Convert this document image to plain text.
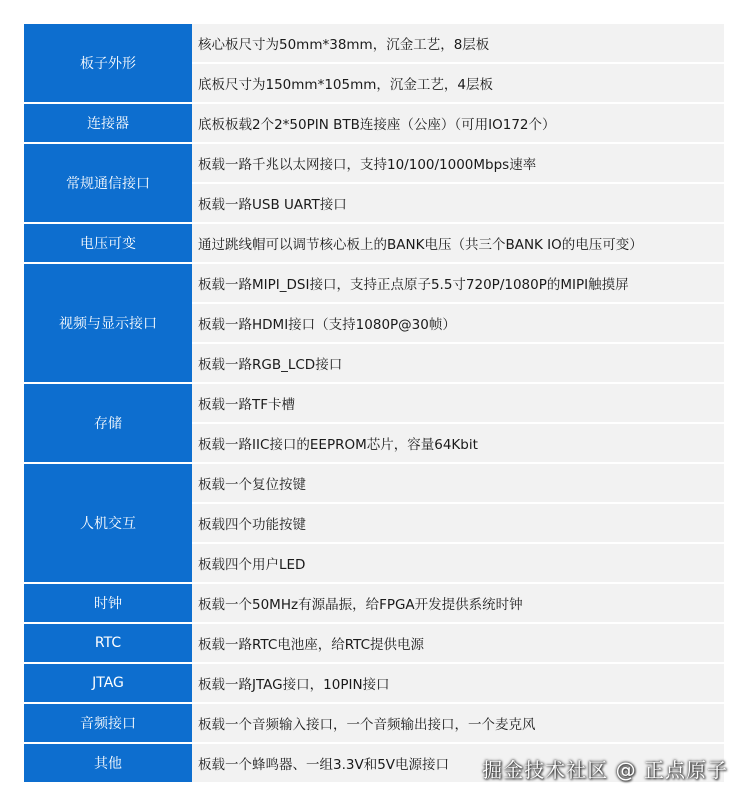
板子外形	核心板尺寸为50mm*38mm，沉金工艺，8层板
	底板尺寸为150mm*105mm，沉金工艺，4层板
连接器	底板板载2个2*50PIN BTB连接座（公座）（可用IO172个）
常规通信接口	板载一路千兆以太网接口，支持10/100/1000Mbps速率
	板载一路USB UART接口
电压可变	通过跳线帽可以调节核心板上的BANK电压（共三个BANK IO的电压可变）
视频与显示接口	板载一路MIPI_DSI接口，支持正点原子5.5寸720P/1080P的MIPI触摸屏
	板载一路HDMI接口（支持1080P@30帧）
	板载一路RGB_LCD接口
存储	板载一路TF卡槽
	板载一路IIC接口的EEPROM芯片，容量64Kbit
人机交互	板载一个复位按键
	板载四个功能按键
	板载四个用户LED
时钟	板载一个50MHz有源晶振，给FPGA开发提供系统时钟
RTC	板载一路RTC电池座，给RTC提供电源
JTAG	板载一路JTAG接口，10PIN接口
音频接口	板载一个音频输入接口，一个音频输出接口，一个麦克风
其他	板载一个蜂鸣器、一组3.3V和5V电源接口 掘金技术社区 @ 正点原子
